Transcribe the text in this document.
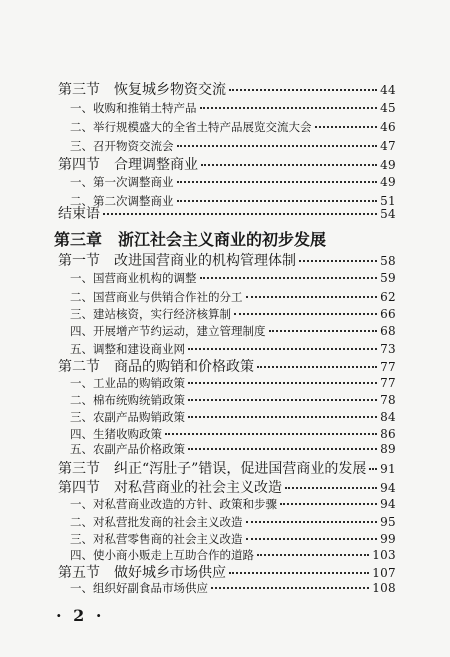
第三节　恢复城乡物资交流	44
一、收购和推销土特产品	45
二、举行规模盛大的全省土特产品展览交流大会	46
三、召开物资交流会	47
第四节　合理调整商业	49
一、第一次调整商业	49
二、第二次调整商业	51
结束语	54
第三章　浙江社会主义商业的初步发展
第一节　改进国营商业的机构管理体制	58
一、国营商业机构的调整	59
二、国营商业与供销合作社的分工	62
三、建站核资，实行经济核算制	66
四、开展增产节约运动，建立管理制度	68
五、调整和建设商业网	73
第二节　商品的购销和价格政策	77
一、工业品的购销政策	77
二、棉布统购统销政策	78
三、农副产品购销政策	84
四、生猪收购政策	86
五、农副产品价格政策	89
第三节　纠正“泻肚子”错误，促进国营商业的发展 91
第四节　对私营商业的社会主义改造	94
一、对私营商业改造的方针、政策和步骤	94
二、对私营批发商的社会主义改造	95
三、对私营零售商的社会主义改造	99
四、使小商小贩走上互助合作的道路	103
第五节　做好城乡市场供应	107
一、组织好副食品市场供应	108
· 2 ·
